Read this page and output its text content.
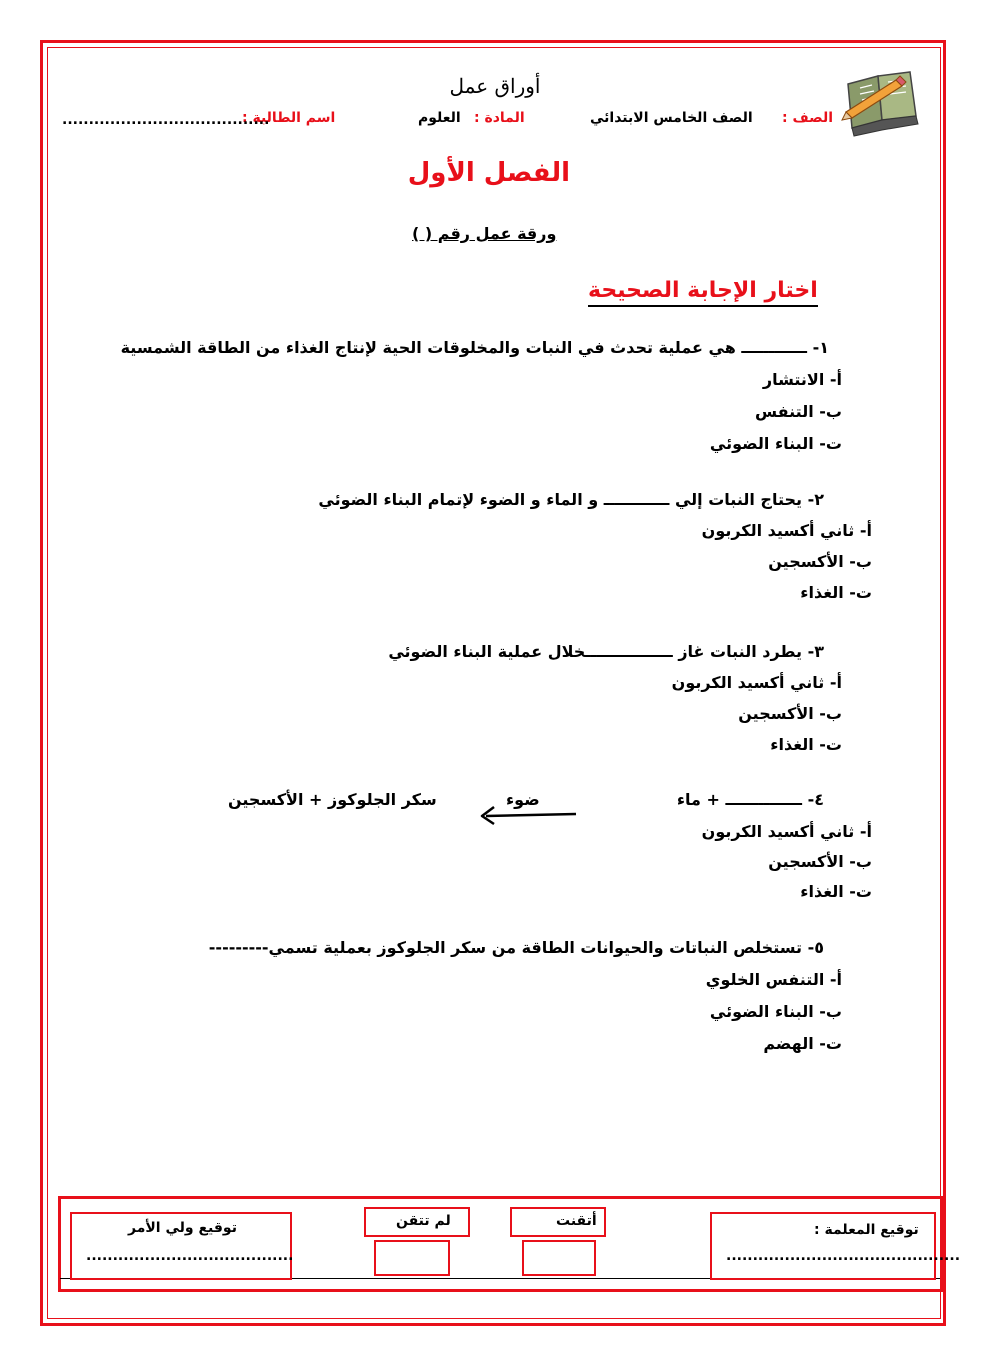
أوراق عمل
الصف :
الصف الخامس الابتدائي
المادة :
العلوم
اسم الطالبة :
.......................................
الفصل الأول
ورقة عمل رقم ( )
اختار الإجابة الصحيحة
١- ــــــــــــ هي عملية تحدث في النبات والمخلوقات الحية لإنتاج الغذاء من الطاقة الشمسية
أ- الانتشار
ب- التنفس
ت- البناء الضوئي
٢- يحتاج النبات إلي ــــــــــــ و الماء و الضوء لإتمام البناء الضوئي
أ- ثاني أكسيد الكربون
ب- الأكسجين
ت- الغذاء
٣- يطرد النبات غاز ــــــــــــــــخلال عملية البناء الضوئي
أ- ثاني أكسيد الكربون
ب- الأكسجين
ت- الغذاء
٤- ــــــــــــــ + ماء
ضوء
سكر الجلوكوز + الأكسجين
أ- ثاني أكسيد الكربون
ب- الأكسجين
ت- الغذاء
٥- تستخلص النباتات والحيوانات الطاقة من سكر الجلوكوز بعملية تسمي---------
أ- التنفس الخلوي
ب- البناء الضوئي
ت- الهضم
توقيع المعلمة :
............................................
أتقنت
لم تتقن
توقيع ولي الأمر
.......................................
